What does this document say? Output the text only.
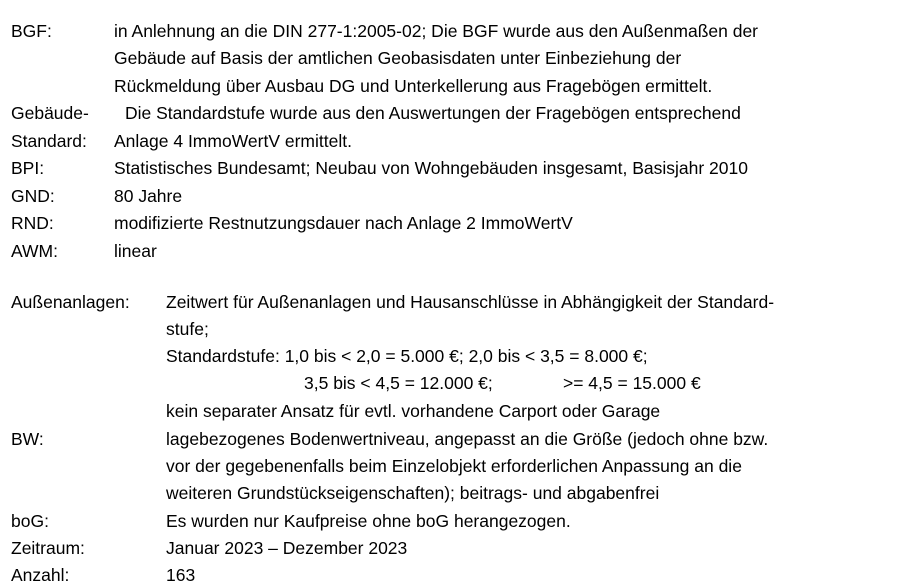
BGF:	in Anlehnung an die DIN 277-1:2005-02; Die BGF wurde aus den Außenmaßen der
Gebäude auf Basis der amtlichen Geobasisdaten unter Einbeziehung der
Rückmeldung über Ausbau DG und Unterkellerung aus Fragebögen ermittelt.
Gebäude- Die Standardstufe wurde aus den Auswertungen der Fragebögen entsprechend
Standard: Anlage 4 ImmoWertV ermittelt.
BPI:	Statistisches Bundesamt; Neubau von Wohngebäuden insgesamt, Basisjahr 2010
GND:	80 Jahre
RND:	modifizierte Restnutzungsdauer nach Anlage 2 ImmoWertV
AWM:	linear
Außenanlagen: Zeitwert für Außenanlagen und Hausanschlüsse in Abhängigkeit der Standard-
stufe;
Standardstufe: 1,0 bis < 2,0 = 5.000 €; 2,0 bis < 3,5 = 8.000 €;
3,5 bis < 4,5 = 12.000 €;	>= 4,5 = 15.000 €
kein separater Ansatz für evtl. vorhandene Carport oder Garage
BW:	lagebezogenes Bodenwertniveau, angepasst an die Größe (jedoch ohne bzw.
vor der gegebenenfalls beim Einzelobjekt erforderlichen Anpassung an die
weiteren Grundstückseigenschaften); beitrags- und abgabenfrei
boG:	Es wurden nur Kaufpreise ohne boG herangezogen.
Zeitraum:	Januar 2023 – Dezember 2023
Anzahl:	163
